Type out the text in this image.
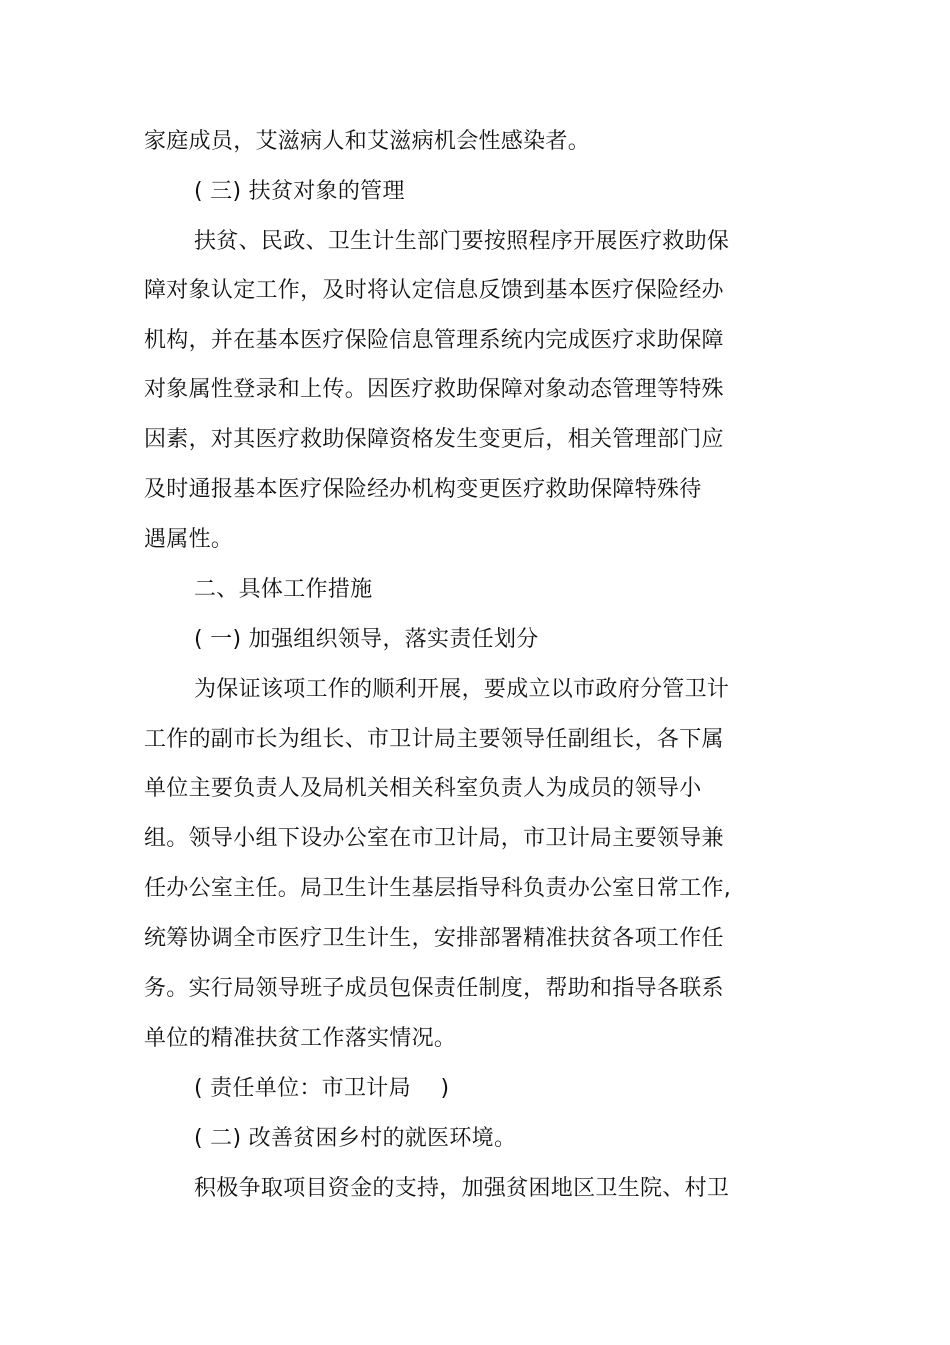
家庭成员，艾滋病人和艾滋病机会性感染者。
( 三) 扶贫对象的管理
扶贫、民政、卫生计生部门要按照程序开展医疗救助保
障对象认定工作，及时将认定信息反馈到基本医疗保险经办
机构，并在基本医疗保险信息管理系统内完成医疗求助保障
对象属性登录和上传。因医疗救助保障对象动态管理等特殊
因素，对其医疗救助保障资格发生变更后，相关管理部门应
及时通报基本医疗保险经办机构变更医疗救助保障特殊待
遇属性。
二、具体工作措施
( 一) 加强组织领导，落实责任划分
为保证该项工作的顺利开展，要成立以市政府分管卫计
工作的副市长为组长、市卫计局主要领导任副组长，各下属
单位主要负责人及局机关相关科室负责人为成员的领导小
组。领导小组下设办公室在市卫计局，市卫计局主要领导兼
任办公室主任。局卫生计生基层指导科负责办公室日常工作,
统筹协调全市医疗卫生计生，安排部署精准扶贫各项工作任
务。实行局领导班子成员包保责任制度，帮助和指导各联系
单位的精准扶贫工作落实情况。
( 责任单位：市卫计局　 )
( 二) 改善贫困乡村的就医环境。
积极争取项目资金的支持，加强贫困地区卫生院、村卫
